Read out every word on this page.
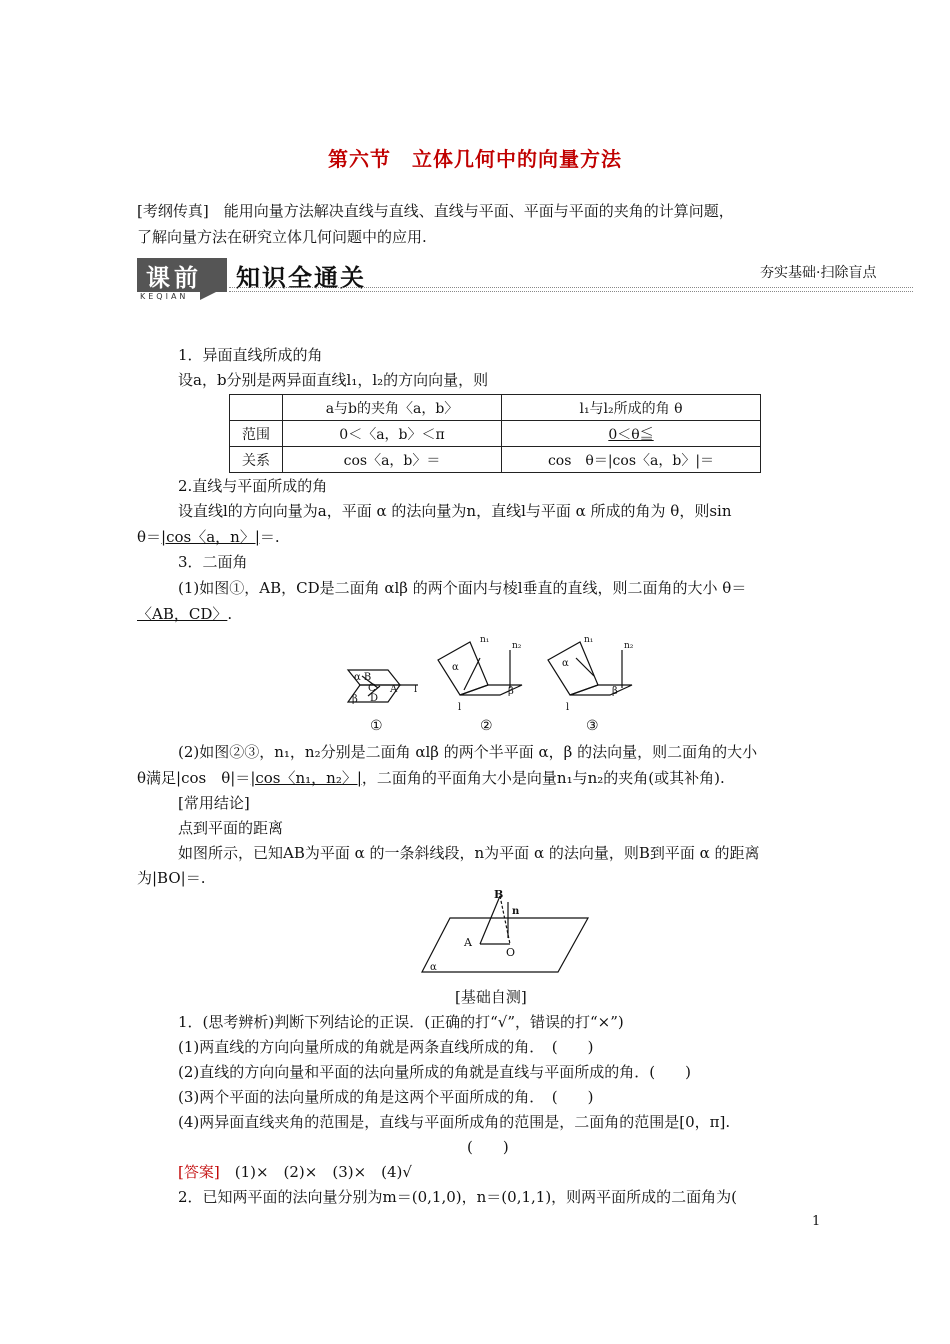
第六节　立体几何中的向量方法
[考纲传真]　能用向量方法解决直线与直线、直线与平面、平面与平面的夹角的计算问题，
了解向量方法在研究立体几何问题中的应用.
课前
KEQIAN
知识全通关	夯实基础·扫除盲点
1．异面直线所成的角
设a，b分别是两异面直线l₁，l₂的方向向量，则
	a与b的夹角〈a，b〉	l₁与l₂所成的角 θ
范围	0＜〈a，b〉＜π	0＜θ≦
关系	cos〈a，b〉＝	cos　θ＝|cos〈a，b〉|＝
2.直线与平面所成的角
设直线l的方向向量为a，平面 α 的法向量为n，直线l与平面 α 所成的角为 θ，则sin
θ＝|cos〈a，n〉|＝.
3．二面角
(1)如图①，AB，CD是二面角 αlβ 的两个面内与棱l垂直的直线，则二面角的大小 θ＝
〈AB，CD〉.
α B
C A
D
β
l
①
n₁
n₂
α
β
l
②
n₁
n₂
α
β
l
③
(2)如图②③，n₁，n₂分别是二面角 αlβ 的两个半平面 α，β 的法向量，则二面角的大小
θ满足|cos　θ|＝|cos〈n₁，n₂〉|，二面角的平面角大小是向量n₁与n₂的夹角(或其补角).
[常用结论]
点到平面的距离
如图所示，已知AB为平面 α 的一条斜线段，n为平面 α 的法向量，则B到平面 α 的距离
为|BO|＝.
B
n
A
O
α
[基础自测]
1．(思考辨析)判断下列结论的正误．(正确的打“√”，错误的打“×”)
(1)两直线的方向向量所成的角就是两条直线所成的角．　(　　)
(2)直线的方向向量和平面的法向量所成的角就是直线与平面所成的角．(　　)
(3)两个平面的法向量所成的角是这两个平面所成的角．　(　　)
(4)两异面直线夹角的范围是，直线与平面所成角的范围是，二面角的范围是[0，π].
(　　)
[答案]　(1)×　(2)×　(3)×　(4)√
2．已知两平面的法向量分别为m＝(0,1,0)，n＝(0,1,1)，则两平面所成的二面角为(
1
